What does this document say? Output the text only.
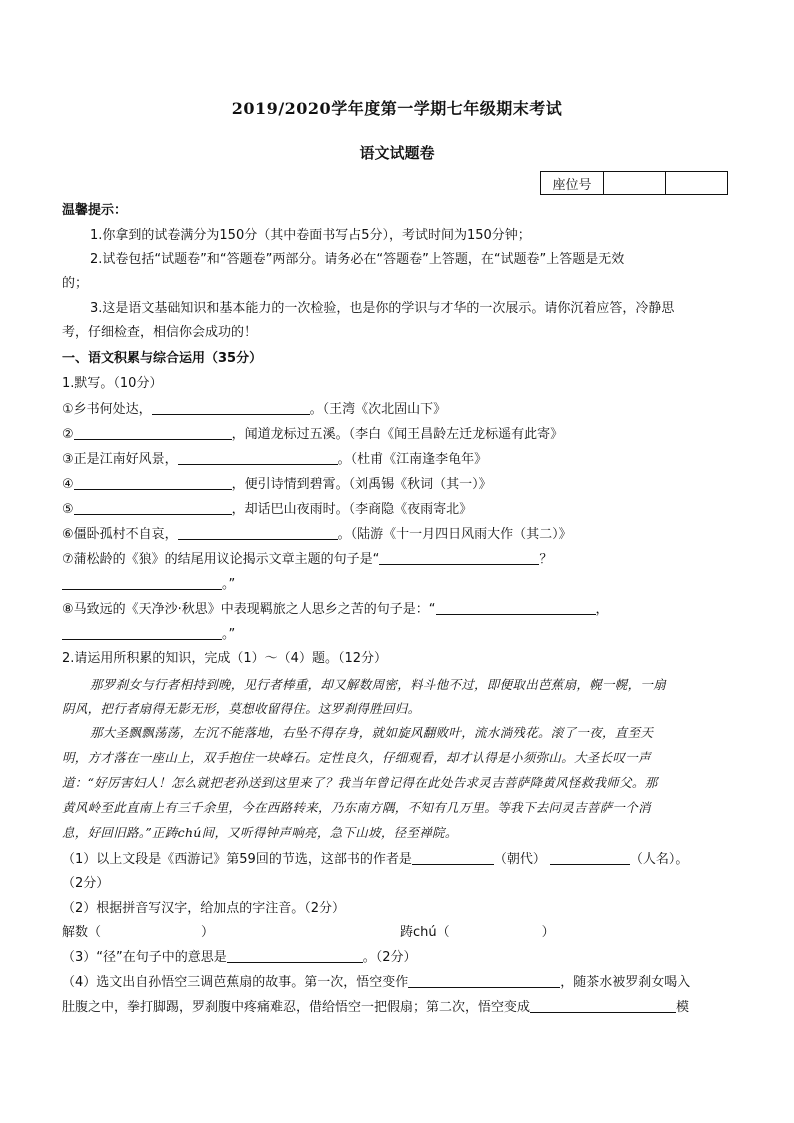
2019/2020学年度第一学期七年级期末考试
语文试题卷
座位号		
温馨提示：
1.你拿到的试卷满分为150分（其中卷面书写占5分），考试时间为150分钟；
2.试卷包括“试题卷”和“答题卷”两部分。请务必在“答题卷”上答题，在“试题卷”上答题是无效
的；
3.这是语文基础知识和基本能力的一次检验，也是你的学识与才华的一次展示。请你沉着应答，冷静思
考，仔细检查，相信你会成功的！
一、语文积累与综合运用（35分）
1.默写。（10分）
①乡书何处达，	。（王湾《次北固山下》
②	，闻道龙标过五溪。（李白《闻王昌龄左迁龙标遥有此寄》
③正是江南好风景，	。（杜甫《江南逢李龟年》
④	，便引诗情到碧霄。（刘禹锡《秋词（其一）》
⑤	，却话巴山夜雨时。（李商隐《夜雨寄北》
⑥僵卧孤村不自哀，	。（陆游《十一月四日风雨大作（其二）》
⑦蒲松龄的《狼》的结尾用议论揭示文章主题的句子是“	？
。”
⑧马致远的《天净沙·秋思》中表现羁旅之人思乡之苦的句子是：“	，
。”
2.请运用所积累的知识，完成（1）～（4）题。（12分）
那罗刹女与行者相持到晚，见行者棒重，却又解数周密，料斗他不过，即便取出芭蕉扇，幌一幌，一扇
阴风，把行者扇得无影无形，莫想收留得住。这罗刹得胜回归。
那大圣飘飘荡荡，左沉不能落地，右坠不得存身，就如旋风翻败叶，流水淌残花。滚了一夜，直至天
明，方才落在一座山上，双手抱住一块峰石。定性良久，仔细观看，却才认得是小须弥山。大圣长叹一声
道：“好厉害妇人！怎么就把老孙送到这里来了？我当年曾记得在此处告求灵吉菩萨降黄风怪救我师父。那
黄风岭至此直南上有三千余里，今在西路转来，乃东南方隅，不知有几万里。等我下去问灵吉菩萨一个消
息，好回旧路。”正踌chú间，又听得钟声响亮，急下山坡，径至禅院。
（1）以上文段是《西游记》第59回的节选，这部书的作者是	（朝代）	（人名）。
（2分）
（2）根据拼音写汉字，给加点的字注音。（2分）
解数（	）	踌chú（	）
（3）“径”在句子中的意思是	。（2分）
（4）选文出自孙悟空三调芭蕉扇的故事。第一次，悟空变作	，随茶水被罗刹女喝入
肚腹之中，拳打脚踢，罗刹腹中疼痛难忍，借给悟空一把假扇；第二次，悟空变成	模
